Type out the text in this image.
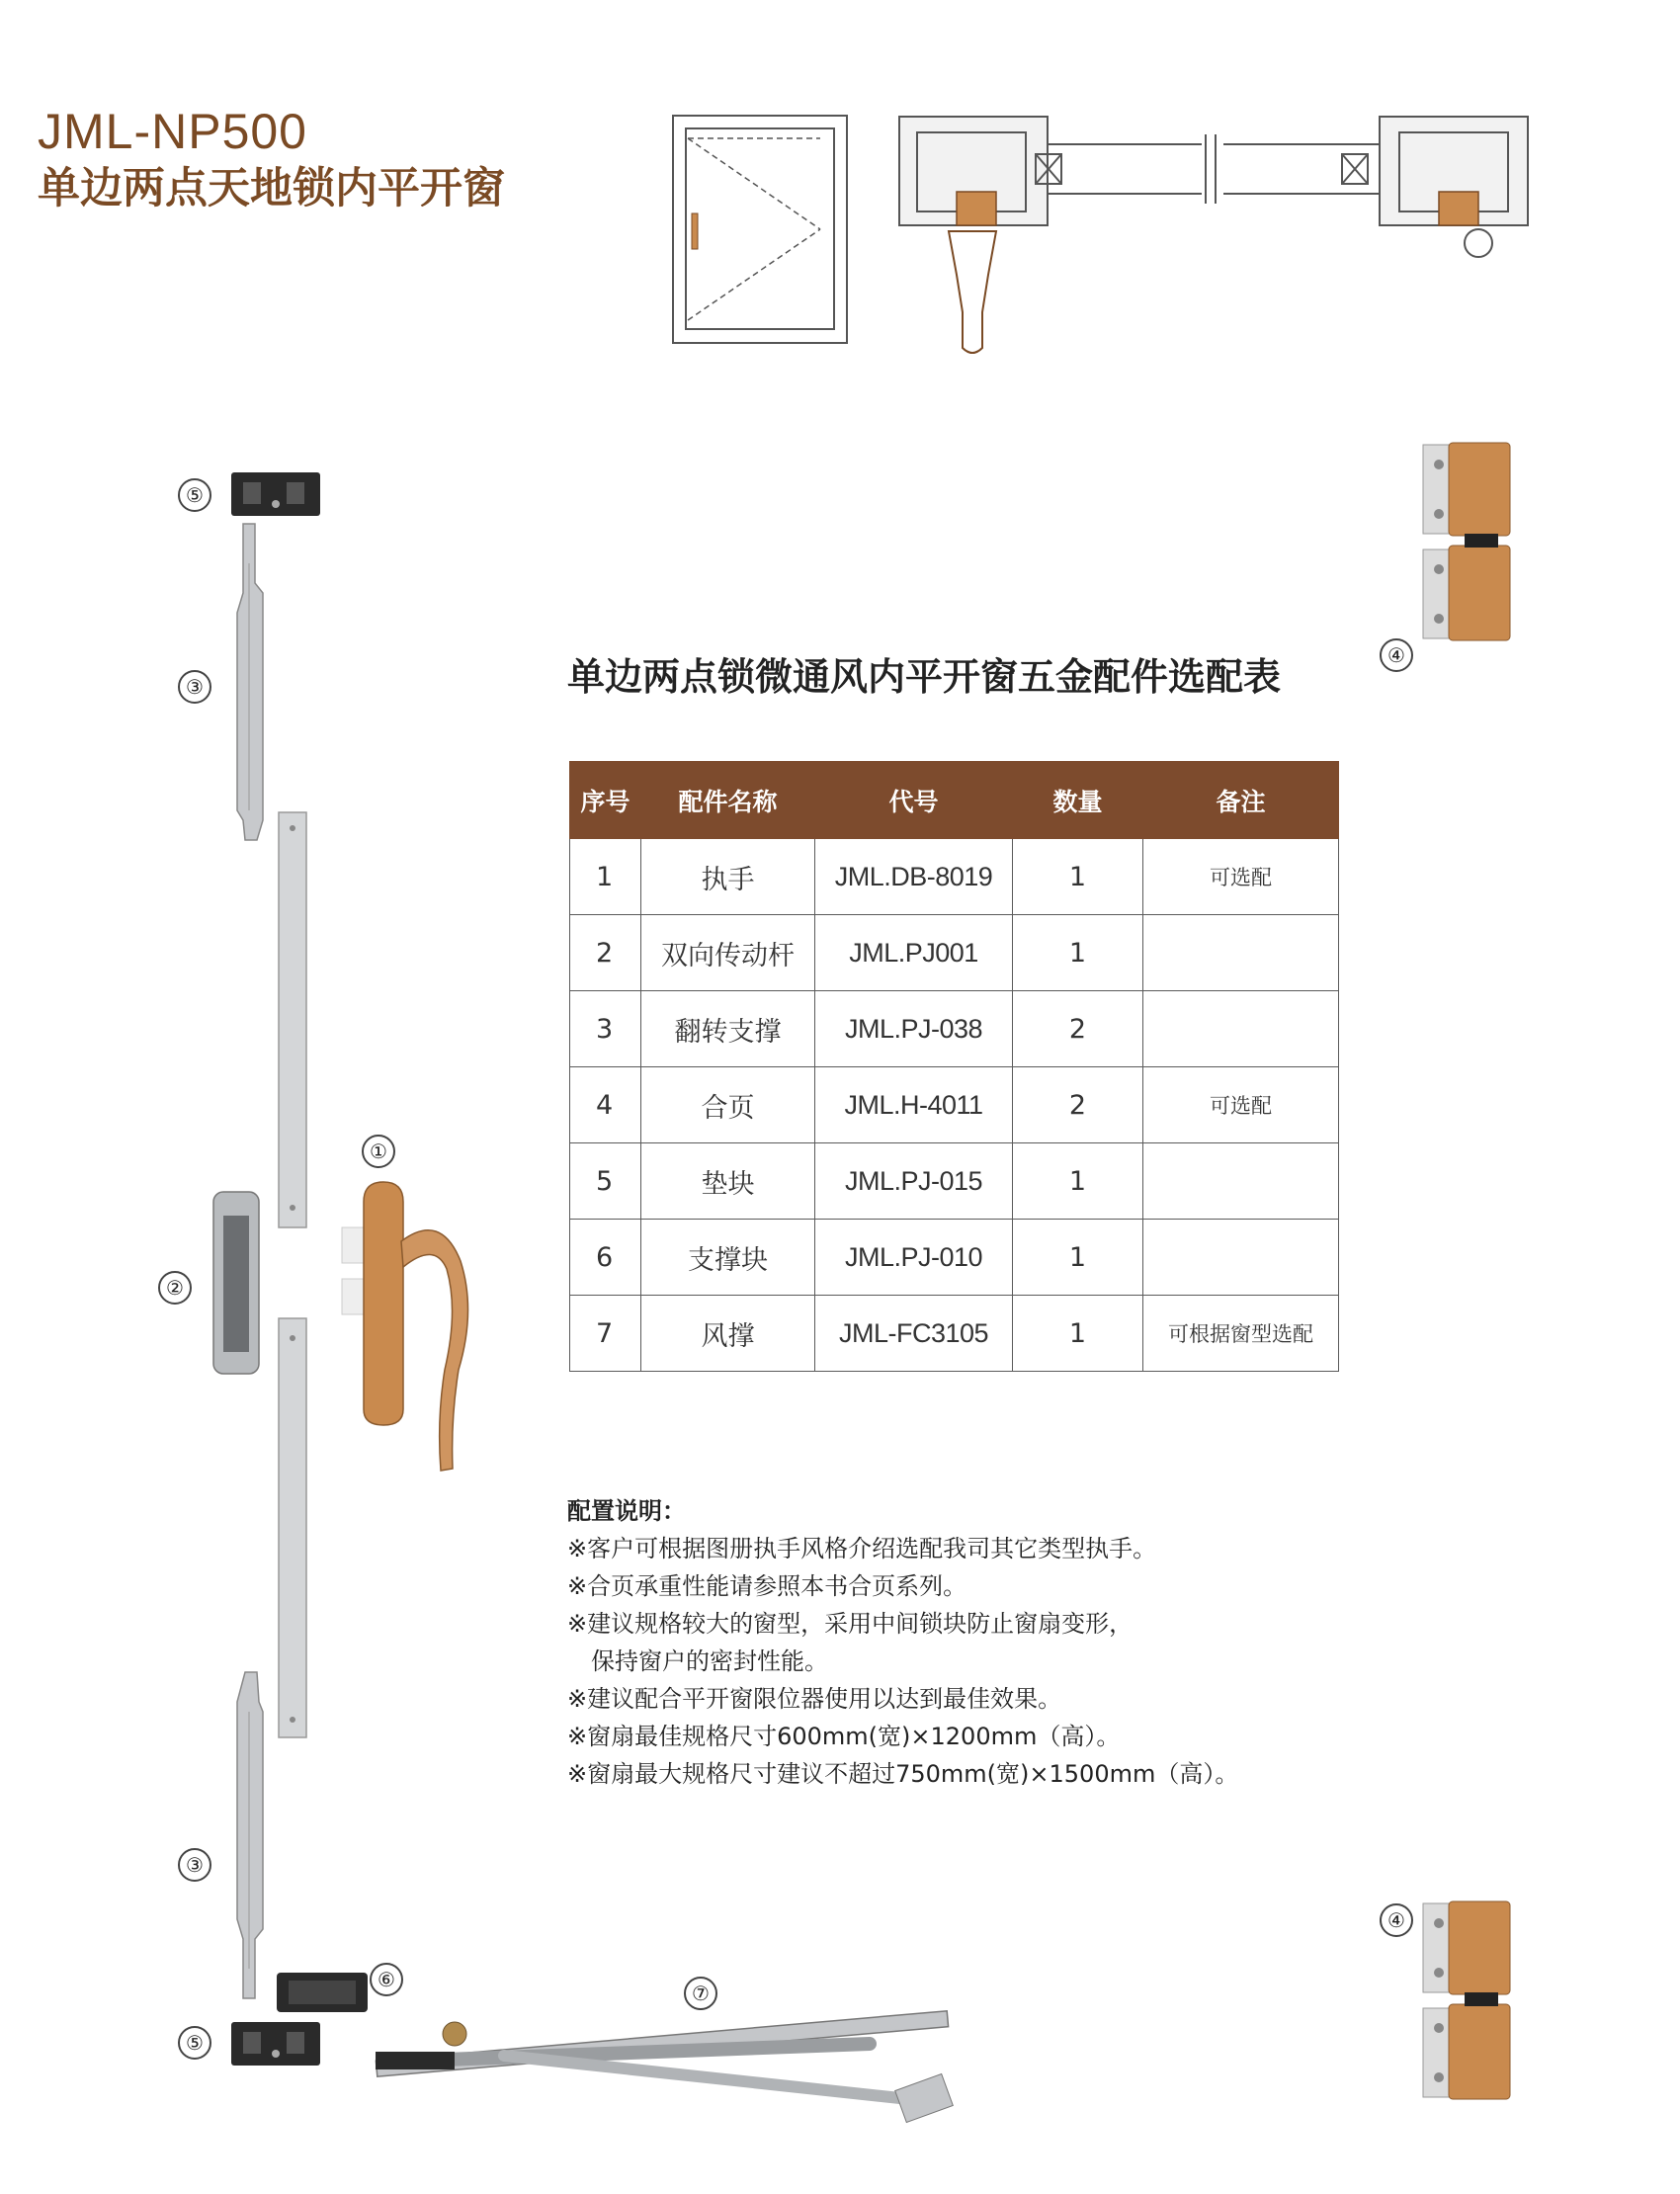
JML-NP500
单边两点天地锁内平开窗
⑤
③
①
②
③
⑥
⑤
⑦
④
④
单边两点锁微通风内平开窗五金配件选配表
序号	配件名称	代号	数量	备注
1	执手	JML.DB-8019	1	可选配
2	双向传动杆	JML.PJ001	1	
3	翻转支撑	JML.PJ-038	2	
4	合页	JML.H-4011	2	可选配
5	垫块	JML.PJ-015	1	
6	支撑块	JML.PJ-010	1	
7	风撑	JML-FC3105	1	可根据窗型选配
配置说明：
※客户可根据图册执手风格介绍选配我司其它类型执手。
※合页承重性能请参照本书合页系列。
※建议规格较大的窗型，采用中间锁块防止窗扇变形，
保持窗户的密封性能。
※建议配合平开窗限位器使用以达到最佳效果。
※窗扇最佳规格尺寸600mm(宽)×1200mm（高）。
※窗扇最大规格尺寸建议不超过750mm(宽)×1500mm（高）。
